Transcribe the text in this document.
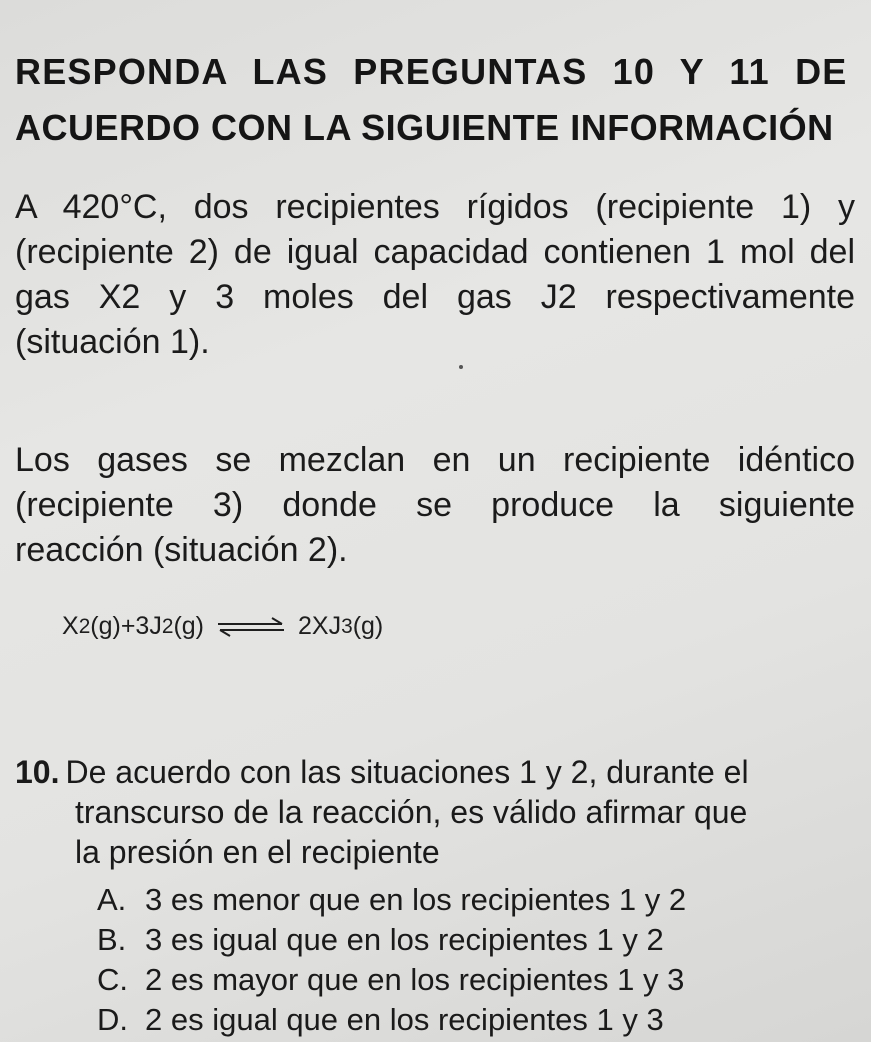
RESPONDA LAS PREGUNTAS 10 Y 11 DE
ACUERDO CON LA SIGUIENTE INFORMACIÓN
A 420°C, dos recipientes rígidos (recipiente 1) y
(recipiente 2) de igual capacidad contienen 1 mol del
gas X2 y 3 moles del gas J2 respectivamente
(situación 1).
Los gases se mezclan en un recipiente idéntico
(recipiente 3) donde se produce la siguiente
reacción (situación 2).
X 2 (g)+3J 2 (g) ⇌ 2XJ 3 (g)
10. De acuerdo con las situaciones 1 y 2, durante el
transcurso de la reacción, es válido afirmar que
la presión en el recipiente
A. 3 es menor que en los recipientes 1 y 2
B. 3 es igual que en los recipientes 1 y 2
C. 2 es mayor que en los recipientes 1 y 3
D. 2 es igual que en los recipientes 1 y 3
